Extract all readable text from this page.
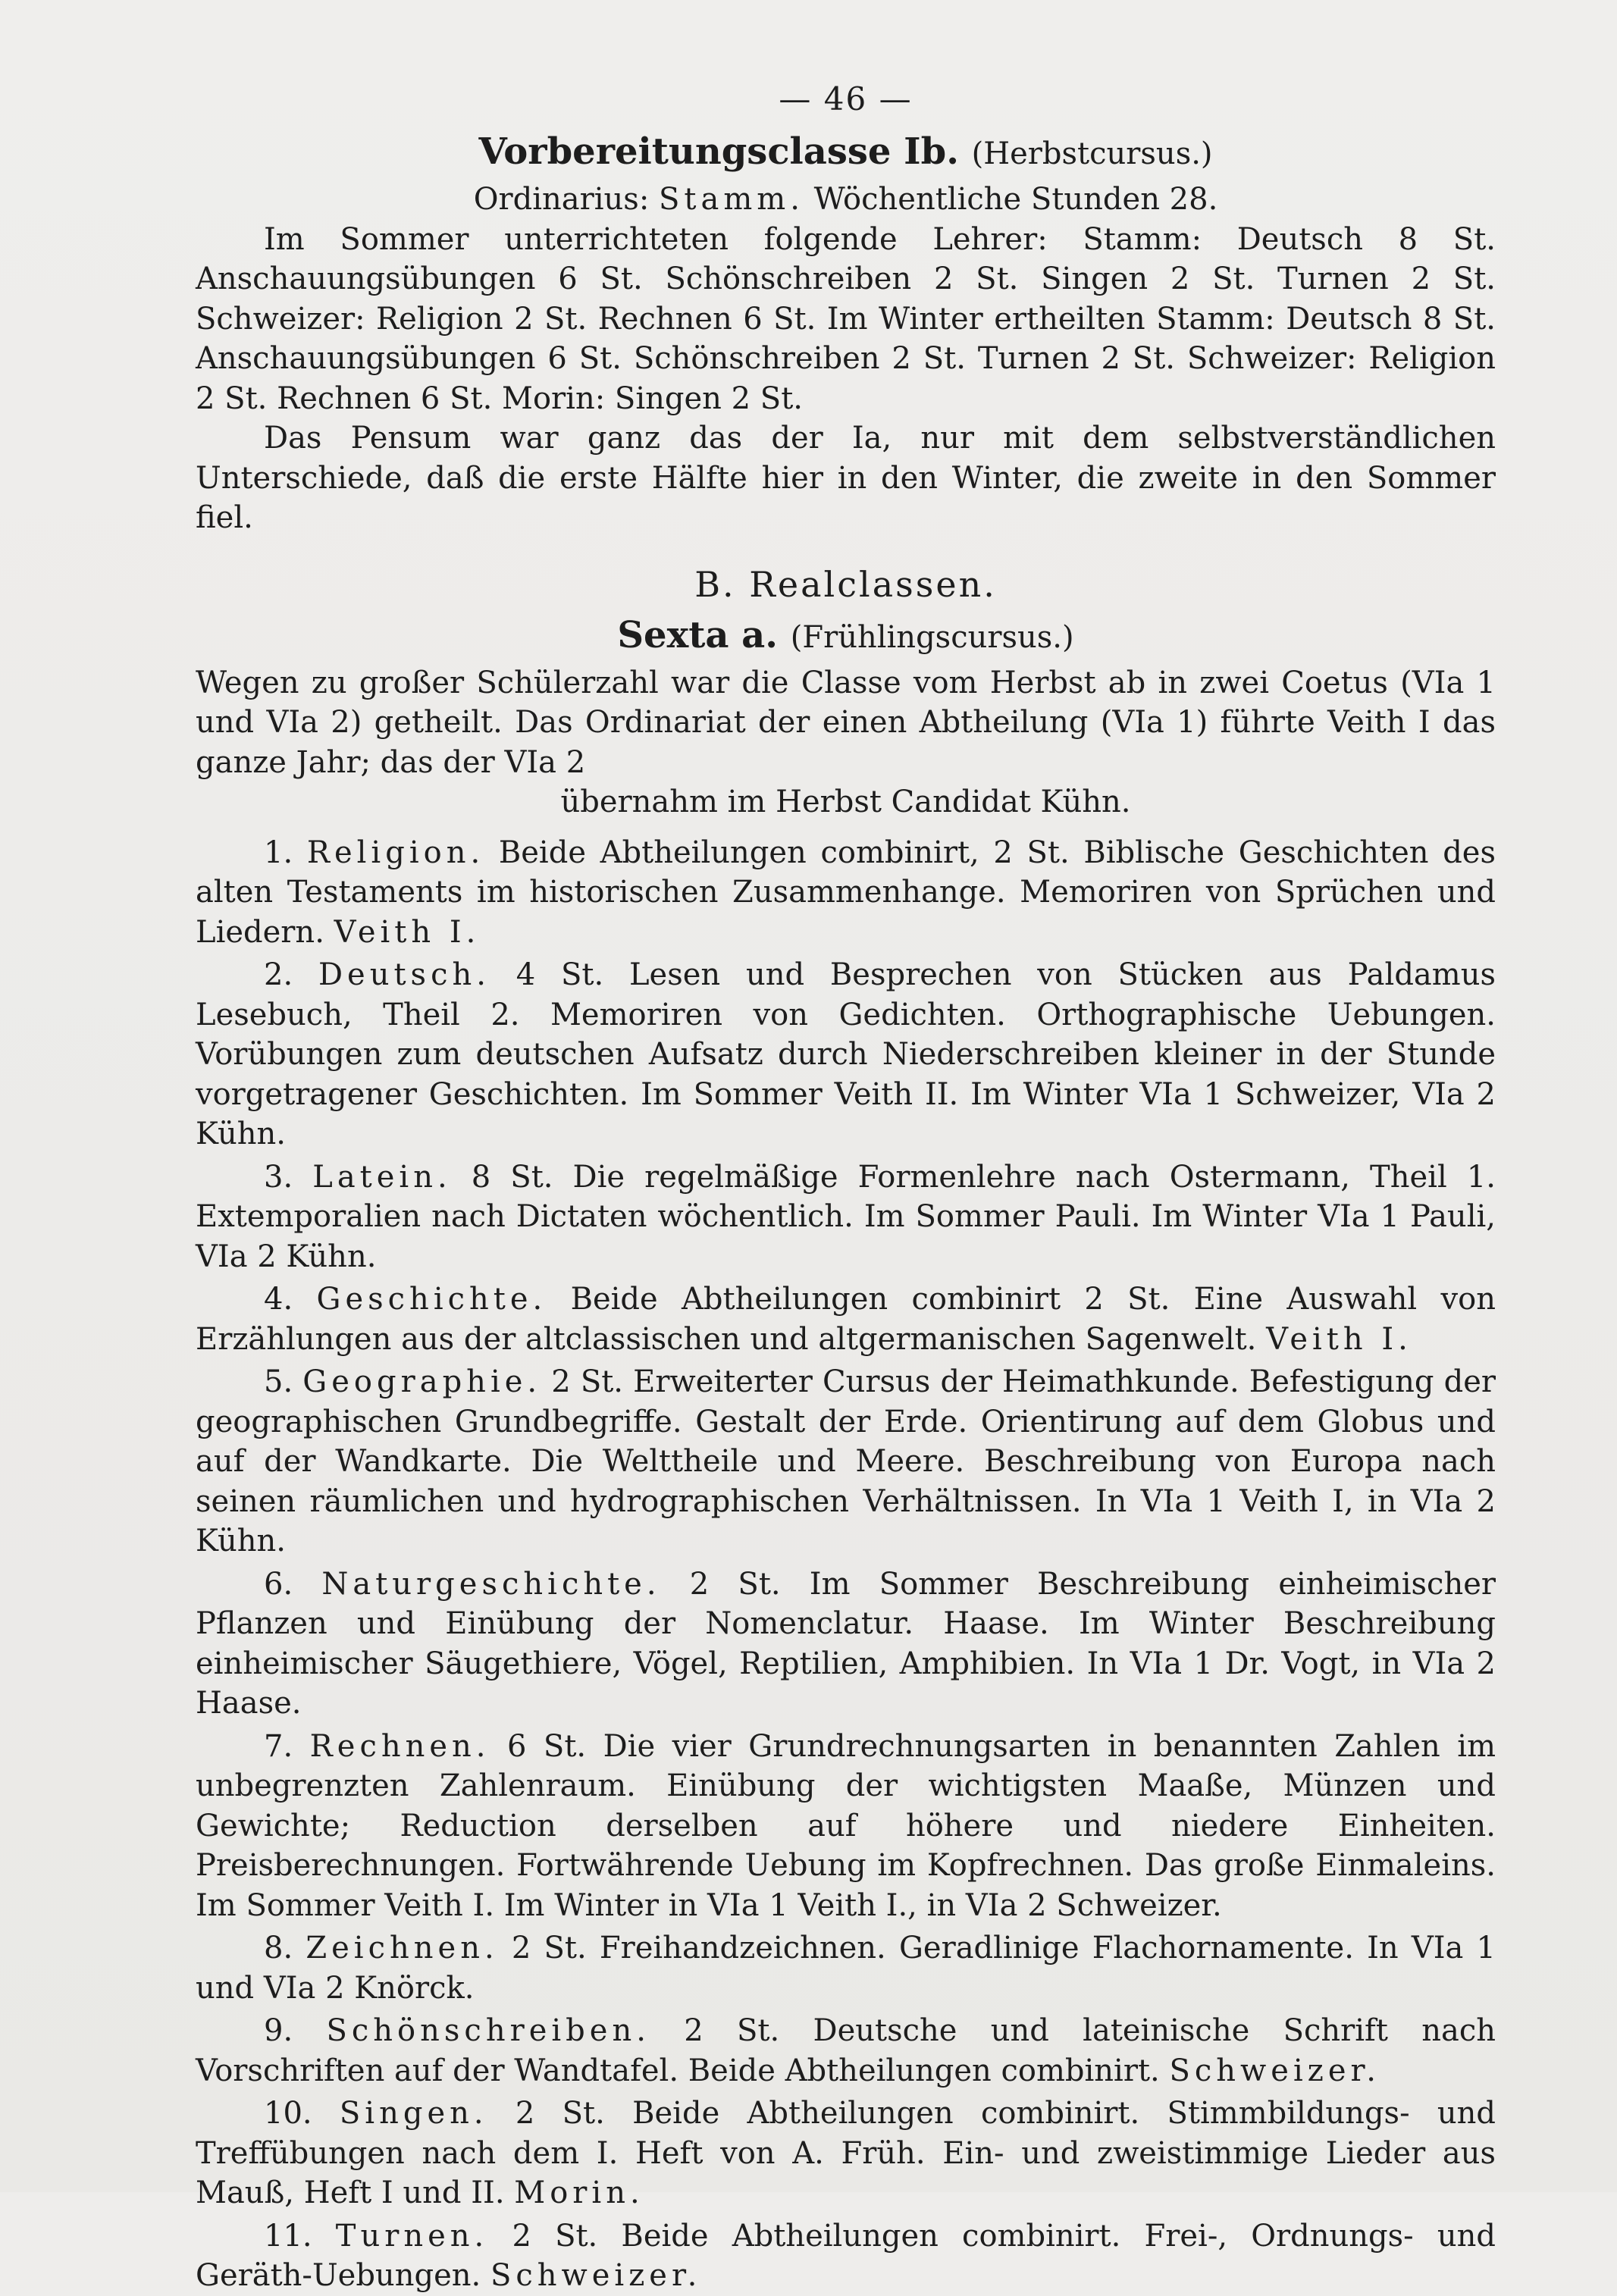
— 46 —
Vorbereitungsclasse Ib. (Herbstcursus.)

Ordinarius: Stamm. Wöchentliche Stunden 28.

Im Sommer unterrichteten folgende Lehrer: Stamm: Deutsch 8 St. Anschauungsübungen 6 St. Schönschreiben 2 St. Singen 2 St. Turnen 2 St. Schweizer: Religion 2 St. Rechnen 6 St. Im Winter ertheilten Stamm: Deutsch 8 St. Anschauungsübungen 6 St. Schönschreiben 2 St. Turnen 2 St. Schweizer: Religion 2 St. Rechnen 6 St. Morin: Singen 2 St.

Das Pensum war ganz das der Ia, nur mit dem selbstverständlichen Unterschiede, daß die erste Hälfte hier in den Winter, die zweite in den Sommer fiel.

B. Realclassen.
Sexta a. (Frühlingscursus.)

Wegen zu großer Schülerzahl war die Classe vom Herbst ab in zwei Coetus (VIa 1 und VIa 2) getheilt. Das Ordinariat der einen Abtheilung (VIa 1) führte Veith I das ganze Jahr; das der VIa 2

übernahm im Herbst Candidat Kühn.

1. Religion. Beide Abtheilungen combinirt, 2 St. Biblische Geschichten des alten Testaments im historischen Zusammenhange. Memoriren von Sprüchen und Liedern. Veith I.

2. Deutsch. 4 St. Lesen und Besprechen von Stücken aus Paldamus Lesebuch, Theil 2. Memoriren von Gedichten. Orthographische Uebungen. Vorübungen zum deutschen Aufsatz durch Niederschreiben kleiner in der Stunde vorgetragener Geschichten. Im Sommer Veith II. Im Winter VIa 1 Schweizer, VIa 2 Kühn.

3. Latein. 8 St. Die regelmäßige Formenlehre nach Ostermann, Theil 1. Extemporalien nach Dictaten wöchentlich. Im Sommer Pauli. Im Winter VIa 1 Pauli, VIa 2 Kühn.

4. Geschichte. Beide Abtheilungen combinirt 2 St. Eine Auswahl von Erzählungen aus der altclassischen und altgermanischen Sagenwelt. Veith I.

5. Geographie. 2 St. Erweiterter Cursus der Heimathkunde. Befestigung der geographischen Grundbegriffe. Gestalt der Erde. Orientirung auf dem Globus und auf der Wandkarte. Die Welttheile und Meere. Beschreibung von Europa nach seinen räumlichen und hydrographischen Verhältnissen. In VIa 1 Veith I, in VIa 2 Kühn.

6. Naturgeschichte. 2 St. Im Sommer Beschreibung einheimischer Pflanzen und Einübung der Nomenclatur. Haase. Im Winter Beschreibung einheimischer Säugethiere, Vögel, Reptilien, Amphibien. In VIa 1 Dr. Vogt, in VIa 2 Haase.

7. Rechnen. 6 St. Die vier Grundrechnungsarten in benannten Zahlen im unbegrenzten Zahlenraum. Einübung der wichtigsten Maaße, Münzen und Gewichte; Reduction derselben auf höhere und niedere Einheiten. Preisberechnungen. Fortwährende Uebung im Kopfrechnen. Das große Einmaleins. Im Sommer Veith I. Im Winter in VIa 1 Veith I., in VIa 2 Schweizer.

8. Zeichnen. 2 St. Freihandzeichnen. Geradlinige Flachornamente. In VIa 1 und VIa 2 Knörck.

9. Schönschreiben. 2 St. Deutsche und lateinische Schrift nach Vorschriften auf der Wandtafel. Beide Abtheilungen combinirt. Schweizer.

10. Singen. 2 St. Beide Abtheilungen combinirt. Stimmbildungs- und Treffübungen nach dem I. Heft von A. Früh. Ein- und zweistimmige Lieder aus Mauß, Heft I und II. Morin.

11. Turnen. 2 St. Beide Abtheilungen combinirt. Frei-, Ordnungs- und Geräth-Uebungen. Schweizer.
